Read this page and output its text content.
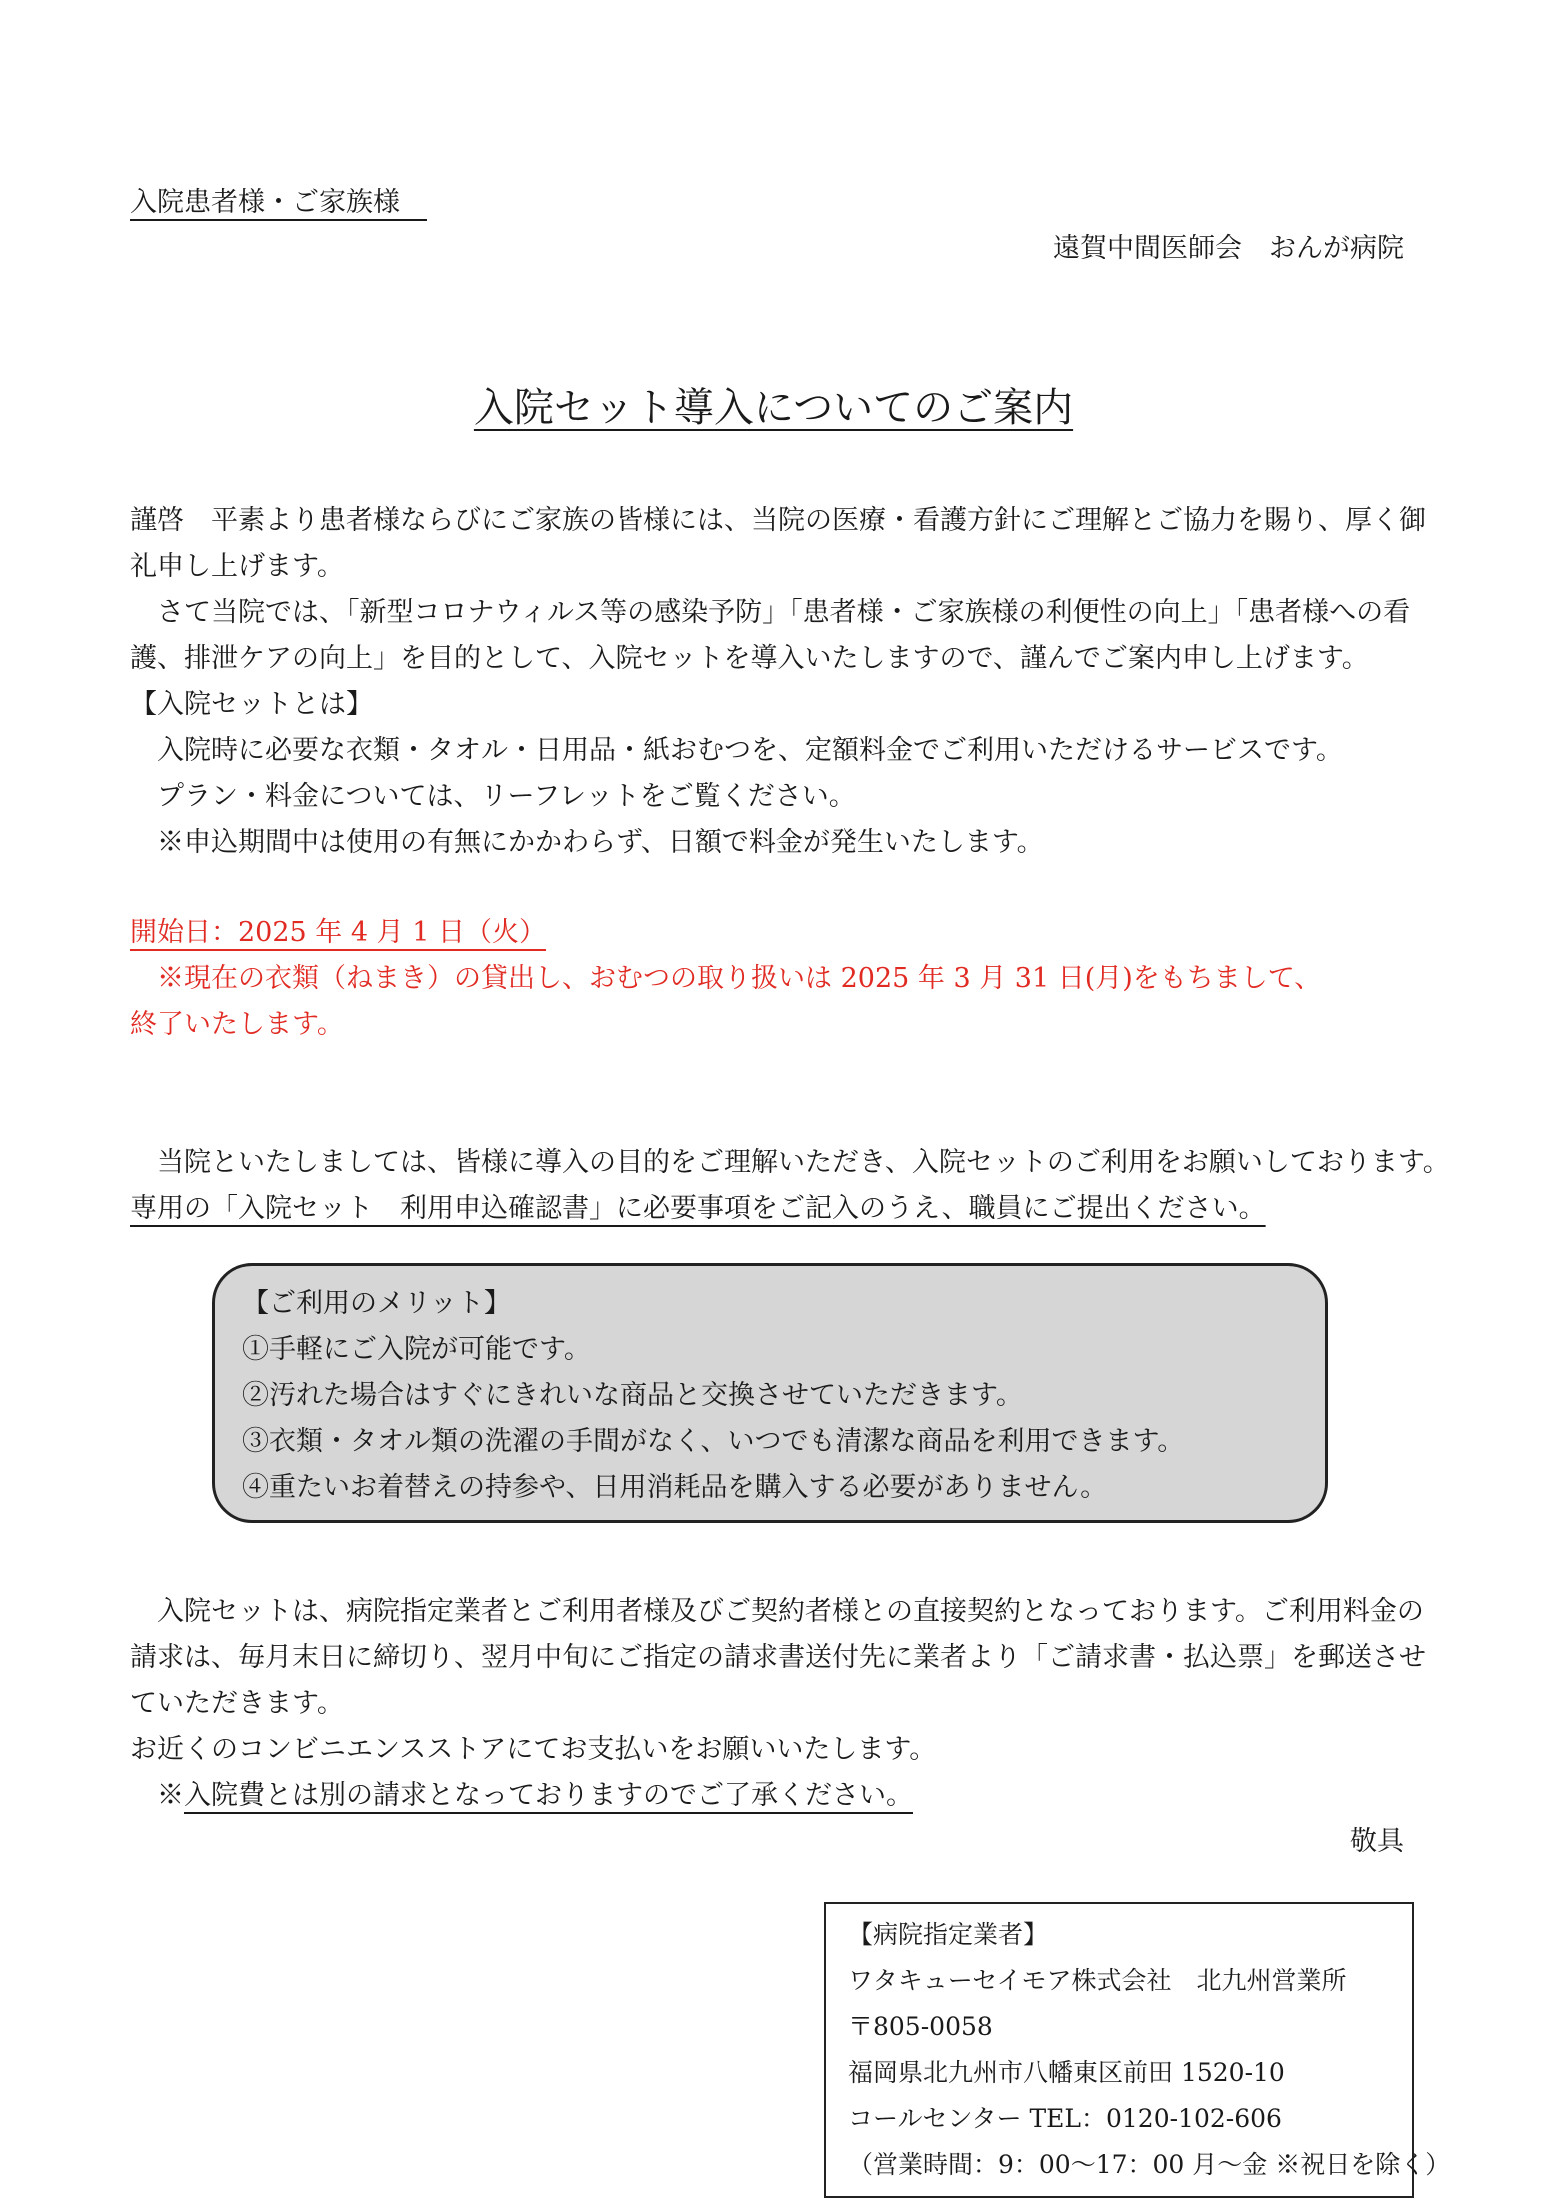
入院患者様・ご家族様　
遠賀中間医師会　おんが病院
入院セット導入についてのご案内
謹啓　平素より患者様ならびにご家族の皆様には、当院の医療・看護方針にご理解とご協力を賜り、厚く御
礼申し上げます。
　さて当院では、「新型コロナウィルス等の感染予防」「患者様・ご家族様の利便性の向上」「患者様への看
護、排泄ケアの向上」を目的として、入院セットを導入いたしますので、謹んでご案内申し上げます。
【入院セットとは】
　入院時に必要な衣類・タオル・日用品・紙おむつを、定額料金でご利用いただけるサービスです。
　プラン・料金については、リーフレットをご覧ください。
　※申込期間中は使用の有無にかかわらず、日額で料金が発生いたします。
開始日：2025 年 4 月 1 日（火）
　※現在の衣類（ねまき）の貸出し、おむつの取り扱いは 2025 年 3 月 31 日(月)をもちまして、
終了いたします。
　当院といたしましては、皆様に導入の目的をご理解いただき、入院セットのご利用をお願いしております。
専用の「入院セット　利用申込確認書」に必要事項をご記入のうえ、職員にご提出ください。
【ご利用のメリット】
①手軽にご入院が可能です。
②汚れた場合はすぐにきれいな商品と交換させていただきます。
③衣類・タオル類の洗濯の手間がなく、いつでも清潔な商品を利用できます。
④重たいお着替えの持参や、日用消耗品を購入する必要がありません。
　入院セットは、病院指定業者とご利用者様及びご契約者様との直接契約となっております。ご利用料金の
請求は、毎月末日に締切り、翌月中旬にご指定の請求書送付先に業者より「ご請求書・払込票」を郵送させ
ていただきます。
お近くのコンビニエンスストアにてお支払いをお願いいたします。
　※入院費とは別の請求となっておりますのでご了承ください。
敬具
【病院指定業者】
ワタキューセイモア株式会社　北九州営業所
〒805-0058
福岡県北九州市八幡東区前田 1520-10
コールセンター TEL：0120-102-606
（営業時間：9：00～17：00 月～金 ※祝日を除く）
